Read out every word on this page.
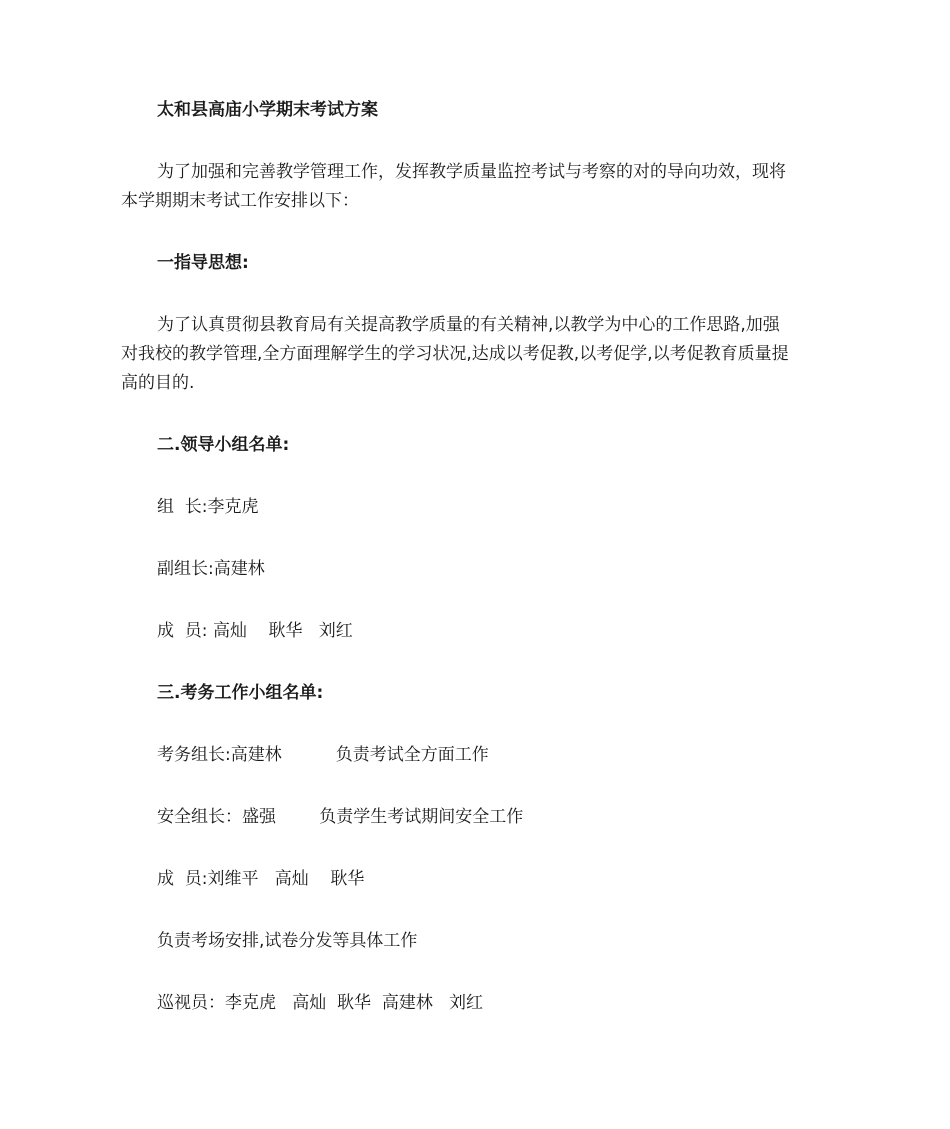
太和县高庙小学期末考试方案

为了加强和完善教学管理工作，发挥教学质量监控考试与考察的对的导向功效，现将

本学期期末考试工作安排以下：

一指导思想:

为了认真贯彻县教育局有关提高教学质量的有关精神,以教学为中心的工作思路,加强

对我校的教学管理,全方面理解学生的学习状况,达成以考促教,以考促学,以考促教育质量提

高的目的.

二.领导小组名单:

组  长:李克虎

副组长:高建林

成  员: 高灿    耿华   刘红

三.考务工作小组名单:

考务组长:高建林          负责考试全方面工作

安全组长：盛强        负责学生考试期间安全工作

成  员:刘维平   高灿    耿华

负责考场安排,试卷分发等具体工作

巡视员：李克虎   高灿  耿华  高建林   刘红
